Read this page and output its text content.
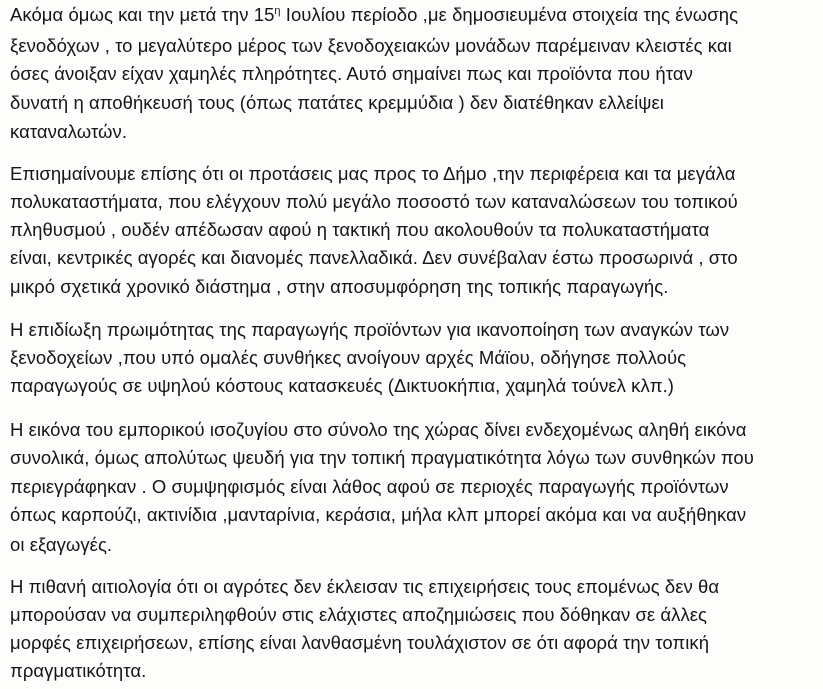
Ακόμα όμως και την μετά την $15^\eta$ Ιουλίου περίοδο ,με δημοσιευμένα στοιχεία της ένωσης
ξενοδόχων , το μεγαλύτερο μέρος των ξενοδοχειακών μονάδων παρέμειναν κλειστές και
όσες άνοιξαν είχαν χαμηλές πληρότητες. Αυτό σημαίνει πως και προϊόντα που ήταν
δυνατή η αποθήκευσή τους (όπως πατάτες κρεμμύδια ) δεν διατέθηκαν ελλείψει
καταναλωτών.
Επισημαίνουμε επίσης ότι οι προτάσεις μας προς το Δήμο ,την περιφέρεια και τα μεγάλα
πολυκαταστήματα, που ελέγχουν πολύ μεγάλο ποσοστό των καταναλώσεων του τοπικού
πληθυσμού , ουδέν απέδωσαν αφού η τακτική που ακολουθούν τα πολυκαταστήματα
είναι, κεντρικές αγορές και διανομές πανελλαδικά. Δεν συνέβαλαν έστω προσωρινά , στο
μικρό σχετικά χρονικό διάστημα , στην αποσυμφόρηση της τοπικής παραγωγής.
Η επιδίωξη πρωιμότητας της παραγωγής προϊόντων για ικανοποίηση των αναγκών των
ξενοδοχείων ,που υπό ομαλές συνθήκες ανοίγουν αρχές Μάϊου, οδήγησε πολλούς
παραγωγούς σε υψηλού κόστους κατασκευές (Δικτυοκήπια, χαμηλά τούνελ κλπ.)
Η εικόνα του εμπορικού ισοζυγίου στο σύνολο της χώρας δίνει ενδεχομένως αληθή εικόνα
συνολικά, όμως απολύτως ψευδή για την τοπική πραγματικότητα λόγω των συνθηκών που
περιεγράφηκαν . Ο συμψηφισμός είναι λάθος αφού σε περιοχές παραγωγής προϊόντων
όπως καρπούζι, ακτινίδια ,μανταρίνια, κεράσια, μήλα κλπ μπορεί ακόμα και να αυξήθηκαν
οι εξαγωγές.
Η πιθανή αιτιολογία ότι οι αγρότες δεν έκλεισαν τις επιχειρήσεις τους επομένως δεν θα
μπορούσαν να συμπεριληφθούν στις ελάχιστες αποζημιώσεις που δόθηκαν σε άλλες
μορφές επιχειρήσεων, επίσης είναι λανθασμένη τουλάχιστον σε ότι αφορά την τοπική
πραγματικότητα.
